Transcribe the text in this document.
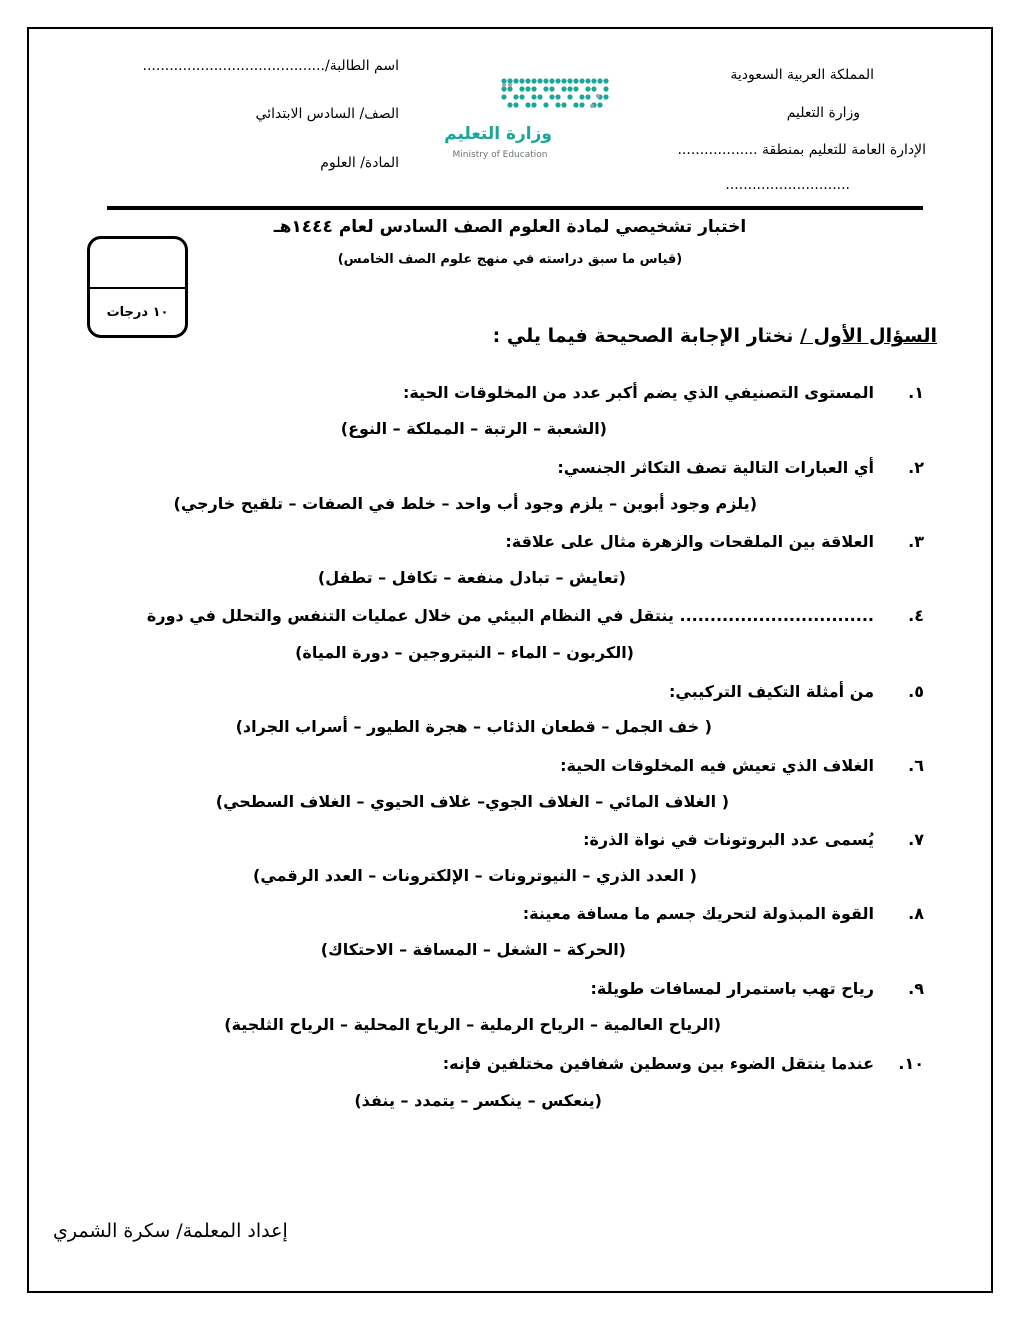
المملكة العربية السعودية
وزارة التعليم
الإدارة العامة للتعليم بمنطقة ..................
............................
اسم الطالبة/.........................................
الصف/ السادس الابتدائي
المادة/ العلوم
وزارة التعليم
Ministry of Education
اختبار تشخيصي لمادة العلوم الصف السادس لعام ١٤٤٤هـ
(قياس ما سبق دراسته في منهج علوم الصف الخامس)
١٠ درجات
السؤال الأول / نختار الإجابة الصحيحة فيما يلي :
١.
المستوى التصنيفي الذي يضم أكبر عدد من المخلوقات الحية:
(الشعبة – الرتبة – المملكة – النوع)
٢.
أي العبارات التالية تصف التكاثر الجنسي:
(يلزم وجود أبوين – يلزم وجود أب واحد – خلط في الصفات – تلقيح خارجي)
٣.
العلاقة بين الملقحات والزهرة مثال على علاقة:
(تعايش – تبادل منفعة – تكافل – تطفل)
٤.
................................ ينتقل في النظام البيئي من خلال عمليات التنفس والتحلل في دورة
(الكربون – الماء – النيتروجين – دورة المياة)
٥.
من أمثلة التكيف التركيبي:
( خف الجمل – قطعان الذئاب – هجرة الطيور – أسراب الجراد)
٦.
الغلاف الذي تعيش فيه المخلوقات الحية:
( الغلاف المائي – الغلاف الجوي– غلاف الحيوي – الغلاف السطحي)
٧.
يُسمى عدد البروتونات في نواة الذرة:
( العدد الذري – النيوترونات – الإلكترونات – العدد الرقمي)
٨.
القوة المبذولة لتحريك جسم ما مسافة معينة:
(الحركة – الشغل – المسافة – الاحتكاك)
٩.
رياح تهب باستمرار لمسافات طويلة:
(الرياح العالمية – الرياح الرملية – الرياح المحلية – الرياح الثلجية)
١٠.
عندما ينتقل الضوء بين وسطين شفافين مختلفين فإنه:
(ينعكس – ينكسر – يتمدد – ينفذ)
إعداد المعلمة/ سكرة الشمري
